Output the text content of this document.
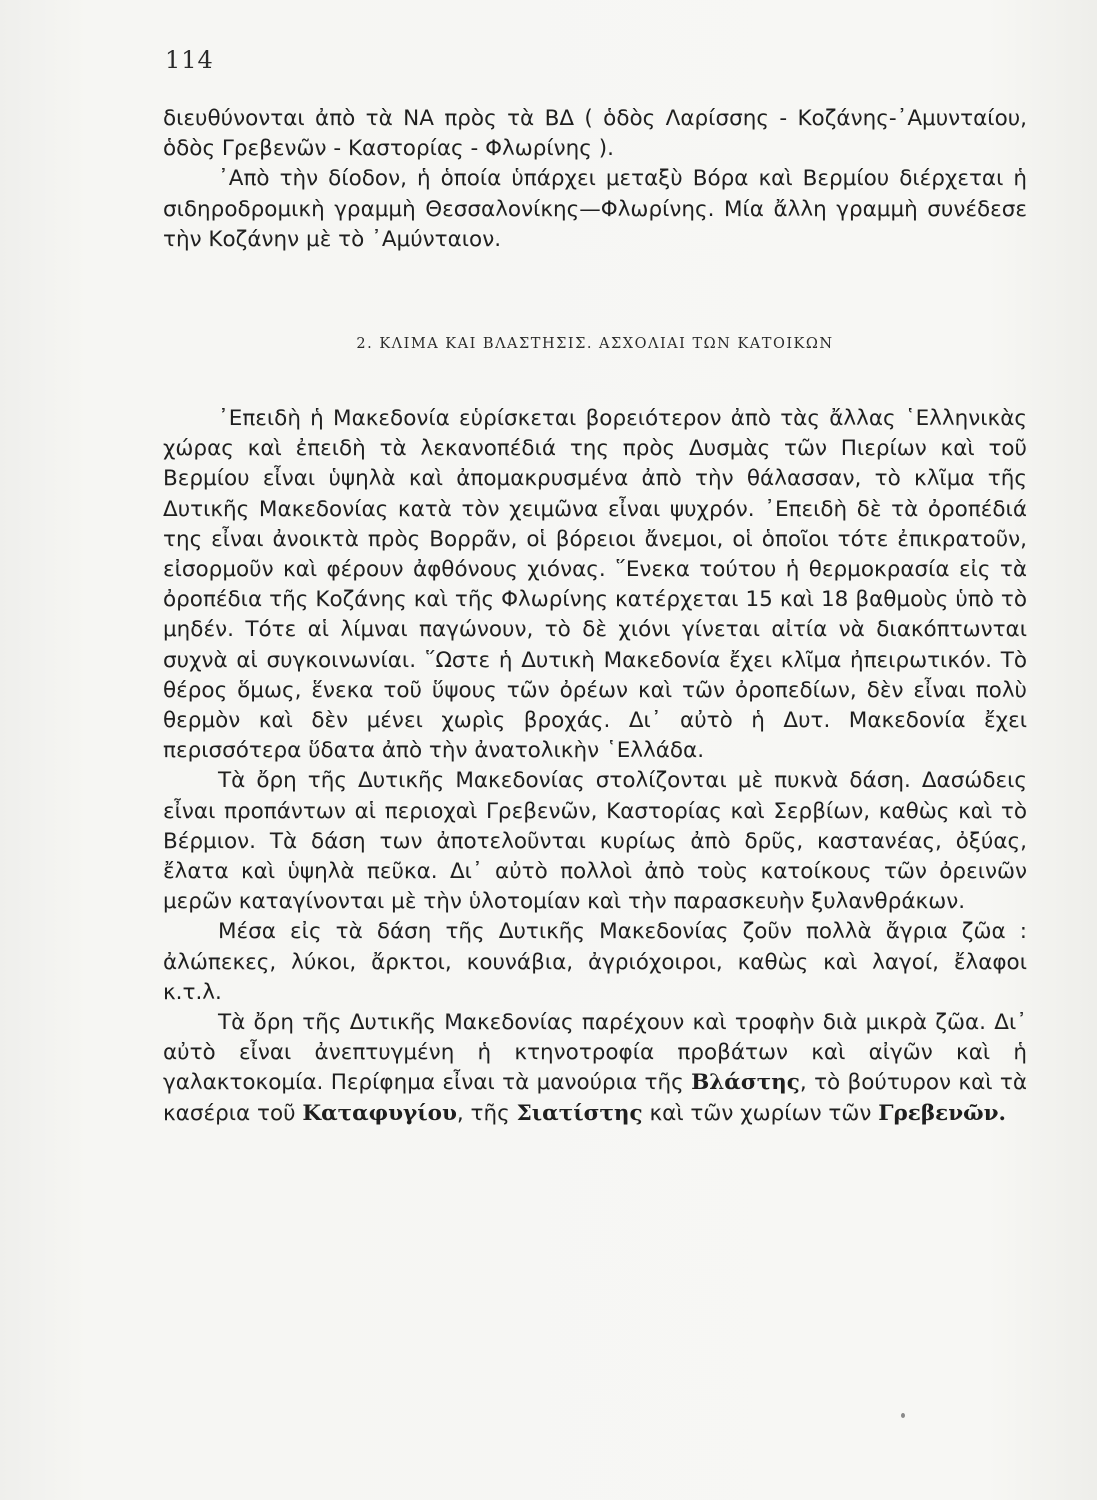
114

διευθύνονται ἀπὸ τὰ ΝΑ πρὸς τὰ ΒΔ ( ὁδὸς Λαρίσσης - Κοζάνης-᾿Αμυνταίου, ὁδὸς Γρεβενῶν - Καστορίας - Φλωρίνης ).

᾿Απὸ τὴν δίοδον, ἡ ὁποία ὑπάρχει μεταξὺ Βόρα καὶ Βερμίου διέρχεται ἡ σιδηροδρομικὴ γραμμὴ Θεσσαλονίκης—Φλωρίνης. Μία ἄλλη γραμμὴ συνέδεσε τὴν Κοζάνην μὲ τὸ ᾿Αμύνταιον.

2. ΚΛΙΜΑ ΚΑΙ ΒΛΑΣΤΗΣΙΣ. ΑΣΧΟΛΙΑΙ ΤΩΝ ΚΑΤΟΙΚΩΝ

᾿Επειδὴ ἡ Μακεδονία εὑρίσκεται βορειότερον ἀπὸ τὰς ἄλλας ῾Ελληνικὰς χώρας καὶ ἐπειδὴ τὰ λεκανοπέδιά της πρὸς Δυσμὰς τῶν Πιερίων καὶ τοῦ Βερμίου εἶναι ὑψηλὰ καὶ ἀπομακρυσμένα ἀπὸ τὴν θάλασσαν, τὸ κλῖμα τῆς Δυτικῆς Μακεδονίας κατὰ τὸν χειμῶνα εἶναι ψυχρόν. ᾿Επειδὴ δὲ τὰ ὀροπέδιά της εἶναι ἀνοικτὰ πρὸς Βορρᾶν, οἱ βόρειοι ἄνεμοι, οἱ ὁποῖοι τότε ἐπικρατοῦν, εἰσορμοῦν καὶ φέρουν ἀφθόνους χιόνας. ῞Ενεκα τούτου ἡ θερμοκρασία εἰς τὰ ὀροπέδια τῆς Κοζάνης καὶ τῆς Φλωρίνης κατέρχεται 15 καὶ 18 βαθμοὺς ὑπὸ τὸ μηδέν. Τότε αἱ λίμναι παγώνουν, τὸ δὲ χιόνι γίνεται αἰτία νὰ διακόπτωνται συχνὰ αἱ συγκοινωνίαι. ῞Ωστε ἡ Δυτικὴ Μακεδονία ἔχει κλῖμα ἠπειρωτικόν. Τὸ θέρος ὅμως, ἕνεκα τοῦ ὕψους τῶν ὀρέων καὶ τῶν ὀροπεδίων, δὲν εἶναι πολὺ θερμὸν καὶ δὲν μένει χωρὶς βροχάς. Δι᾿ αὐτὸ ἡ Δυτ. Μακεδονία ἔχει περισσότερα ὕδατα ἀπὸ τὴν ἀνατολικὴν ῾Ελλάδα.

Τὰ ὄρη τῆς Δυτικῆς Μακεδονίας στολίζονται μὲ πυκνὰ δάση. Δασώδεις εἶναι προπάντων αἱ περιοχαὶ Γρεβενῶν, Καστορίας καὶ Σερβίων, καθὼς καὶ τὸ Βέρμιον. Τὰ δάση των ἀποτελοῦνται κυρίως ἀπὸ δρῦς, καστανέας, ὀξύας, ἔλατα καὶ ὑψηλὰ πεῦκα. Δι᾿ αὐτὸ πολλοὶ ἀπὸ τοὺς κατοίκους τῶν ὀρεινῶν μερῶν καταγίνονται μὲ τὴν ὑλοτομίαν καὶ τὴν παρασκευὴν ξυλανθράκων.

Μέσα εἰς τὰ δάση τῆς Δυτικῆς Μακεδονίας ζοῦν πολλὰ ἄγρια ζῶα : ἀλώπεκες, λύκοι, ἄρκτοι, κουνάβια, ἀγριόχοιροι, καθὼς καὶ λαγοί, ἔλαφοι κ.τ.λ.

Τὰ ὄρη τῆς Δυτικῆς Μακεδονίας παρέχουν καὶ τροφὴν διὰ μικρὰ ζῶα. Δι᾿ αὐτὸ εἶναι ἀνεπτυγμένη ἡ κτηνοτροφία προβάτων καὶ αἰγῶν καὶ ἡ γαλακτοκομία. Περίφημα εἶναι τὰ μανούρια τῆς Βλάστης, τὸ βούτυρον καὶ τὰ κασέρια τοῦ Καταφυγίου, τῆς Σιατίστης καὶ τῶν χωρίων τῶν Γρεβενῶν.
